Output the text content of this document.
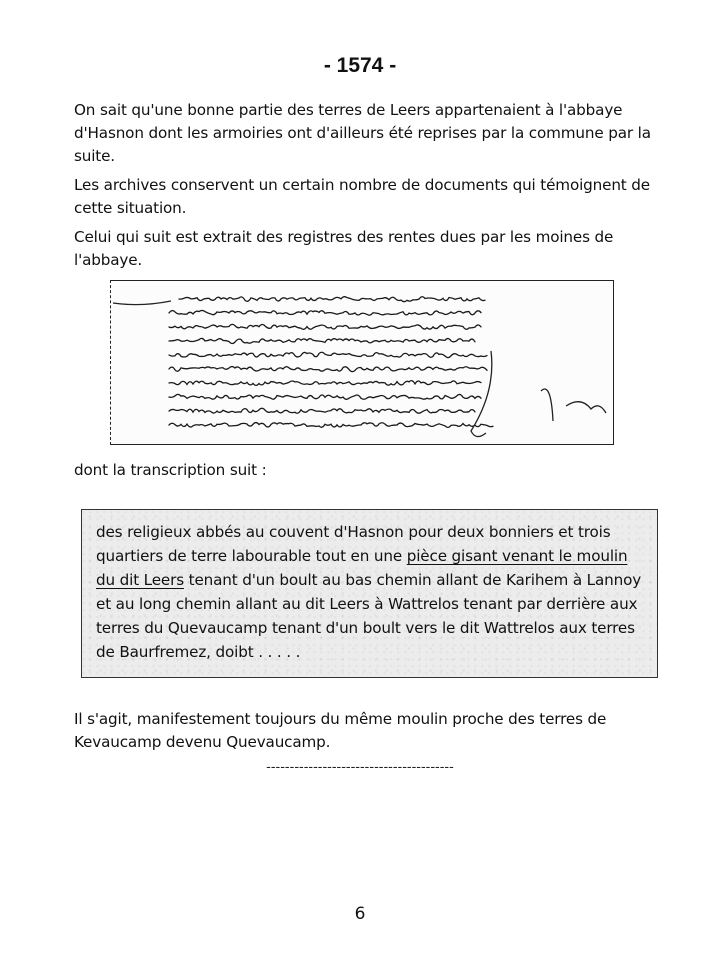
- 1574 -
On sait qu'une bonne partie des terres de Leers appartenaient à l'abbaye d'Hasnon dont les armoiries ont d'ailleurs été reprises par la commune par la suite.
Les archives conservent un certain nombre de documents qui témoignent de cette situation.
Celui qui suit est extrait des registres des rentes dues par les moines de l'abbaye.
dont la transcription suit :
des religieux abbés au couvent d'Hasnon pour deux bonniers et trois quartiers de terre labourable tout en une pièce gisant venant le moulin du dit Leers tenant d'un boult au bas chemin allant de Karihem à Lannoy et au long chemin allant au dit Leers à Wattrelos tenant par derrière aux terres du Quevaucamp tenant d'un boult vers le dit Wattrelos aux terres de Baurfremez, doibt . . . . .
Il s'agit, manifestement toujours du même moulin proche des terres de Kevaucamp devenu Quevaucamp.
----------------------------------------
6
